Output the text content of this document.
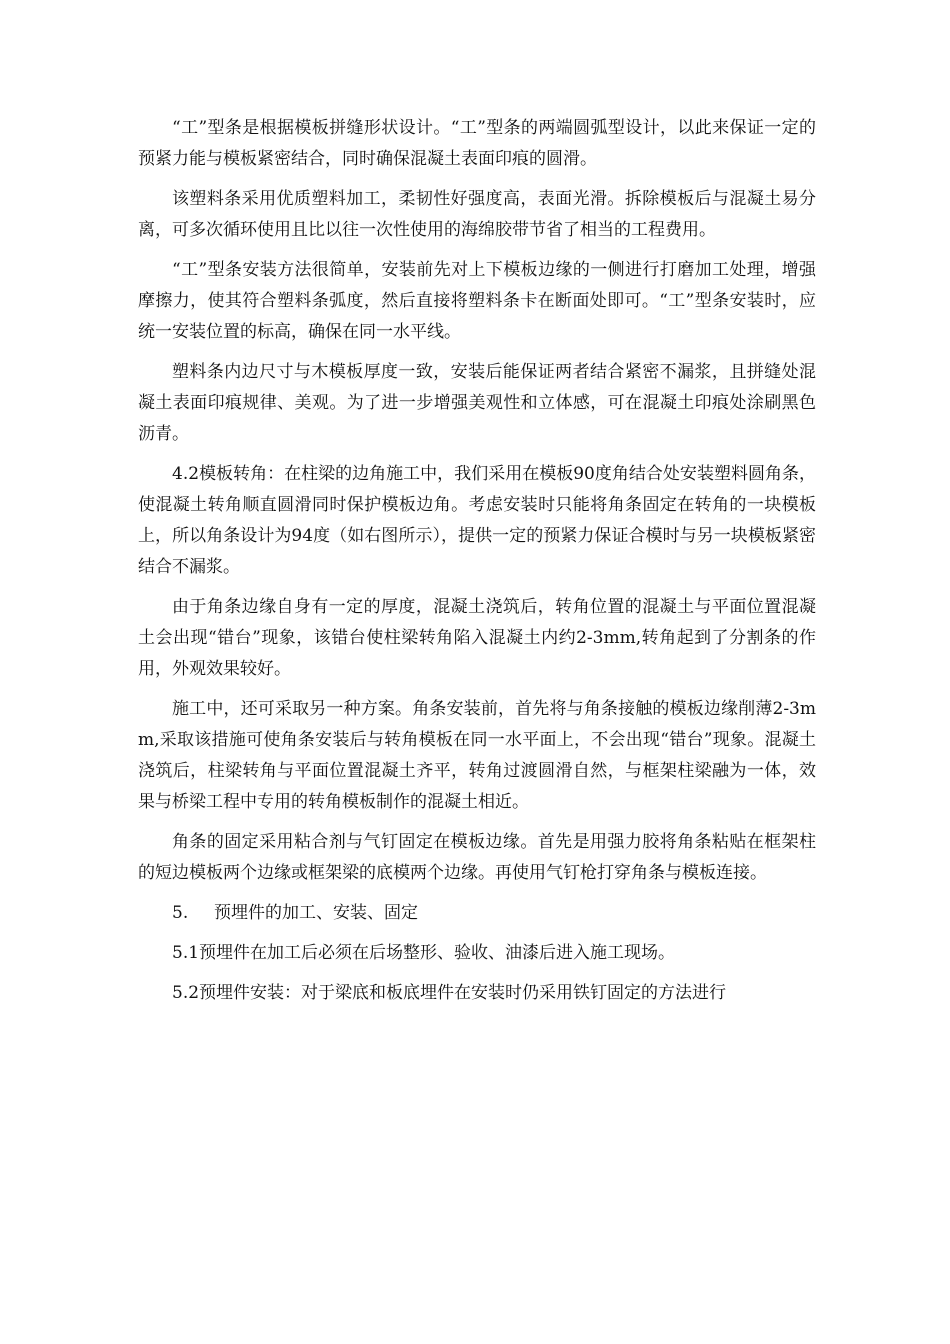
“工”型条是根据模板拼缝形状设计。“工”型条的两端圆弧型设计，以此来保证一定的预紧力能与模板紧密结合，同时确保混凝土表面印痕的圆滑。

该塑料条采用优质塑料加工，柔韧性好强度高，表面光滑。拆除模板后与混凝土易分离，可多次循环使用且比以往一次性使用的海绵胶带节省了相当的工程费用。

“工”型条安装方法很简单，安装前先对上下模板边缘的一侧进行打磨加工处理，增强摩擦力，使其符合塑料条弧度，然后直接将塑料条卡在断面处即可。“工”型条安装时，应统一安装位置的标高，确保在同一水平线。

塑料条内边尺寸与木模板厚度一致，安装后能保证两者结合紧密不漏浆，且拼缝处混凝土表面印痕规律、美观。为了进一步增强美观性和立体感，可在混凝土印痕处涂刷黑色沥青。

4.2模板转角：在柱梁的边角施工中，我们采用在模板90度角结合处安装塑料圆角条，使混凝土转角顺直圆滑同时保护模板边角。考虑安装时只能将角条固定在转角的一块模板上，所以角条设计为94度（如右图所示），提供一定的预紧力保证合模时与另一块模板紧密结合不漏浆。

由于角条边缘自身有一定的厚度，混凝土浇筑后，转角位置的混凝土与平面位置混凝土会出现“错台”现象，该错台使柱梁转角陷入混凝土内约2-3mm,转角起到了分割条的作用，外观效果较好。

施工中，还可采取另一种方案。角条安装前，首先将与角条接触的模板边缘削薄2-3mm,采取该措施可使角条安装后与转角模板在同一水平面上，不会出现“错台”现象。混凝土浇筑后，柱梁转角与平面位置混凝土齐平，转角过渡圆滑自然，与框架柱梁融为一体，效果与桥梁工程中专用的转角模板制作的混凝土相近。

角条的固定采用粘合剂与气钉固定在模板边缘。首先是用强力胶将角条粘贴在框架柱的短边模板两个边缘或框架梁的底模两个边缘。再使用气钉枪打穿角条与模板连接。

5. 预埋件的加工、安装、固定

5.1预埋件在加工后必须在后场整形、验收、油漆后进入施工现场。

5.2预埋件安装：对于梁底和板底埋件在安装时仍采用铁钉固定的方法进行
